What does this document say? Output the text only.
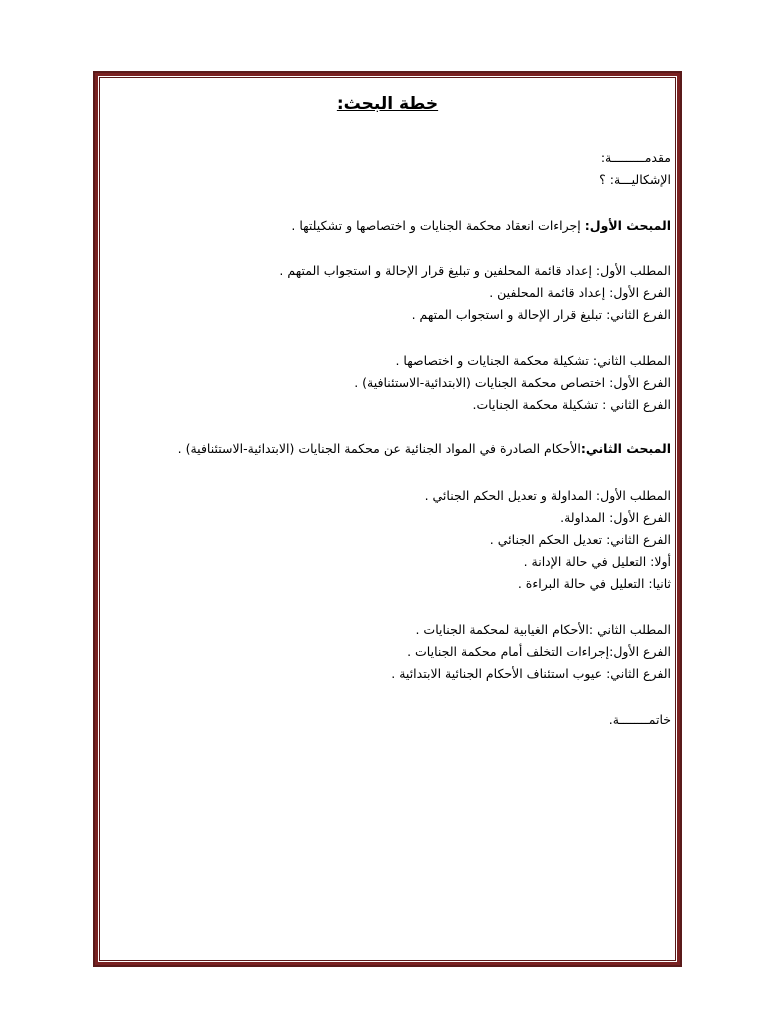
خطة البحث:
مقدمـــــــــة:
الإشكاليـــة: ؟
المبحث الأول: إجراءات انعقاد محكمة الجنايات و اختصاصها و تشكيلتها .
المطلب الأول: إعداد قائمة المحلفين و تبليغ قرار الإحالة و استجواب المتهم .
الفرع الأول: إعداد قائمة المحلفين .
الفرع الثاني: تبليغ قرار الإحالة و استجواب المتهم .
المطلب الثاني: تشكيلة محكمة الجنايات و اختصاصها .
الفرع الأول: اختصاص محكمة الجنايات (الابتدائية-الاستئنافية) .
الفرع الثاني : تشكيلة محكمة الجنايات.
المبحث الثاني:الأحكام الصادرة في المواد الجنائية عن محكمة الجنايات (الابتدائية-الاستئنافية) .
المطلب الأول: المداولة و تعديل الحكم الجنائي .
الفرع الأول: المداولة.
الفرع الثاني: تعديل الحكم الجنائي .
أولا: التعليل في حالة الإدانة .
ثانيا: التعليل في حالة البراءة .
المطلب الثاني :الأحكام الغيابية لمحكمة الجنايات .
الفرع الأول:إجراءات التخلف أمام محكمة الجنايات .
الفرع الثاني: عيوب استئناف الأحكام الجنائية الابتدائية .
خاتمــــــــة.
